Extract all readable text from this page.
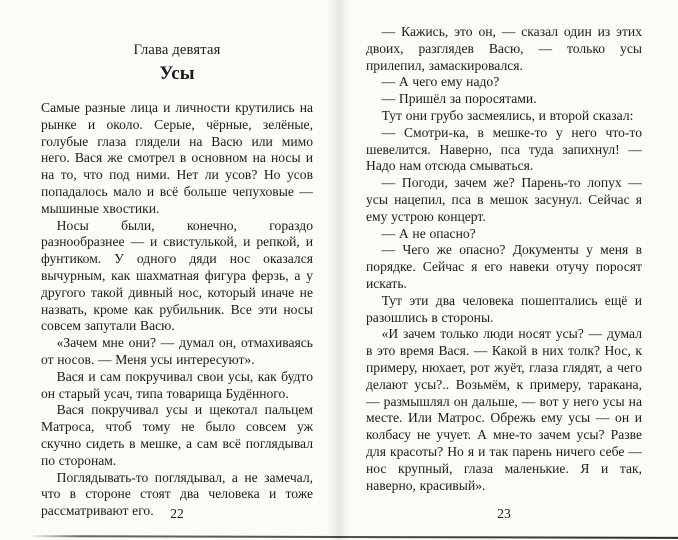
Глава девятая
Усы

Самые разные лица и личности крутились на рынке и около. Серые, чёрные, зелёные, голубые глаза глядели на Васю или мимо него. Вася же смотрел в основном на носы и на то, что под ними. Нет ли усов? Но усов попадалось мало и всё больше чепуховые — мышиные хвостики.

Носы были, конечно, гораздо разнообразнее — и свистулькой, и репкой, и фунтиком. У одного дяди нос оказался вычурным, как шахматная фигура ферзь, а у другого такой дивный нос, который иначе не назвать, кроме как рубильник. Все эти носы совсем запутали Васю.

«Зачем мне они? — думал он, отмахиваясь от носов. — Меня усы интересуют».

Вася и сам покручивал свои усы, как будто он старый усач, типа товарища Будённого.

Вася покручивал усы и щекотал пальцем Матроса, чтоб тому не было совсем уж скучно сидеть в мешке, а сам всё поглядывал по сторонам.

Поглядывать-то поглядывал, а не замечал, что в стороне стоят два человека и тоже рассматривают его.

— Кажись, это он, — сказал один из этих двоих, разглядев Васю, — только усы прилепил, замаскировался.

— А чего ему надо?

— Пришёл за поросятами.

Тут они грубо засмеялись, и второй сказал:

— Смотри-ка, в мешке-то у него что-то шевелится. Наверно, пса туда запихнул! — Надо нам отсюда смываться.

— Погоди, зачем же? Парень-то лопух — усы нацепил, пса в мешок засунул. Сейчас я ему устрою концерт.

— А не опасно?

— Чего же опасно? Документы у меня в порядке. Сейчас я его навеки отучу поросят искать.

Тут эти два человека пошептались ещё и разошлись в стороны.

«И зачем только люди носят усы? — думал в это время Вася. — Какой в них толк? Нос, к примеру, нюхает, рот жуёт, глаза глядят, а чего делают усы?.. Возьмём, к примеру, таракана, — размышлял он дальше, — вот у него усы на месте. Или Матрос. Обрежь ему усы — он и колбасу не учует. А мне-то зачем усы? Разве для красоты? Но я и так парень ничего себе — нос крупный, глаза маленькие. Я и так, наверно, красивый».

22	23
